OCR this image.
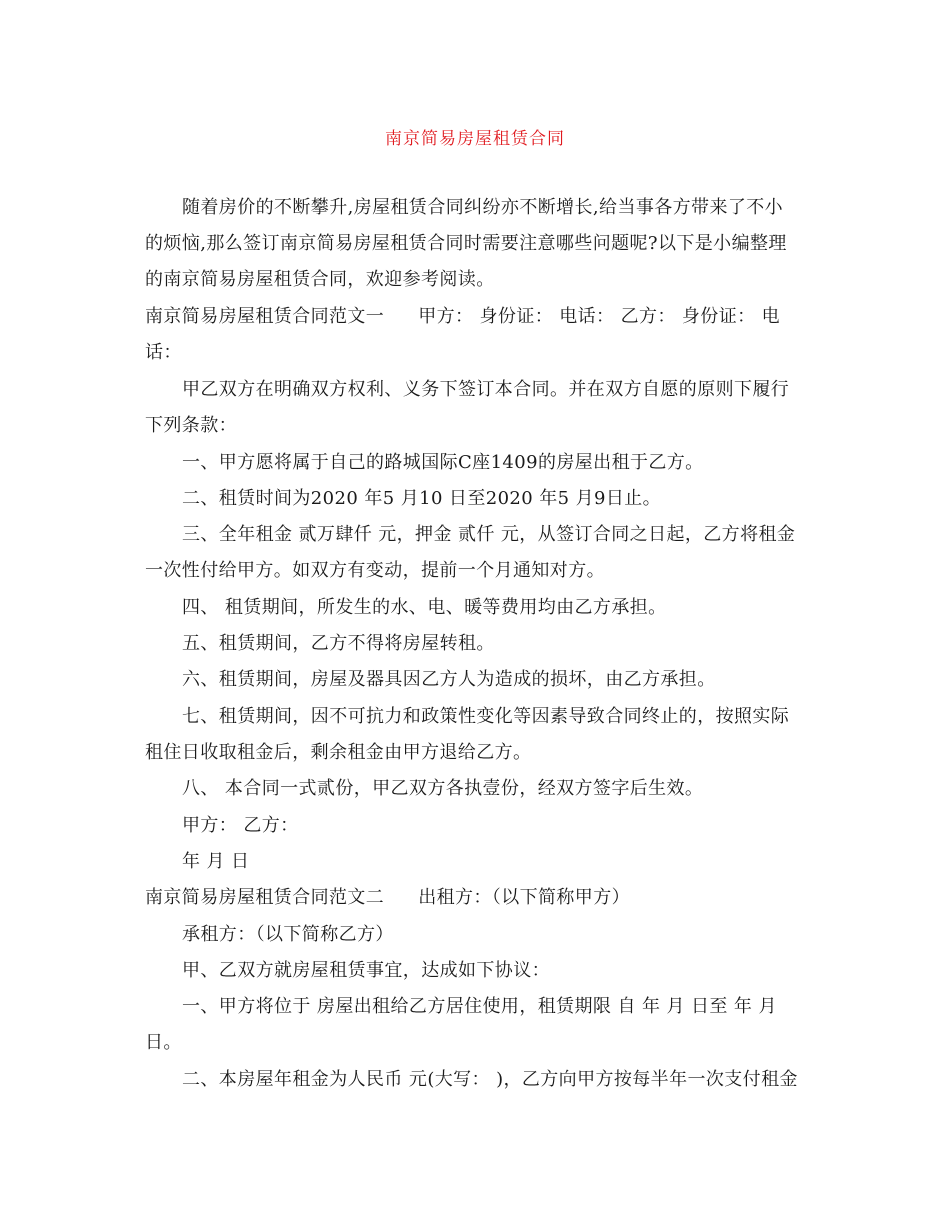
南京简易房屋租赁合同
随着房价的不断攀升,房屋租赁合同纠纷亦不断增长,给当事各方带来了不小
的烦恼,那么签订南京简易房屋租赁合同时需要注意哪些问题呢?以下是小编整理
的南京简易房屋租赁合同，欢迎参考阅读。
南京简易房屋租赁合同范文一 甲方： 身份证： 电话： 乙方： 身份证： 电
话：
甲乙双方在明确双方权利、义务下签订本合同。并在双方自愿的原则下履行
下列条款：
一、甲方愿将属于自己的路城国际C座1409的房屋出租于乙方。
二、租赁时间为2020 年5 月10 日至2020 年5 月9日止。
三、全年租金 贰万肆仟 元，押金 贰仟 元，从签订合同之日起，乙方将租金
一次性付给甲方。如双方有变动，提前一个月通知对方。
四、 租赁期间，所发生的水、电、暖等费用均由乙方承担。
五、租赁期间，乙方不得将房屋转租。
六、租赁期间，房屋及器具因乙方人为造成的损坏，由乙方承担。
七、租赁期间，因不可抗力和政策性变化等因素导致合同终止的，按照实际
租住日收取租金后，剩余租金由甲方退给乙方。
八、 本合同一式贰份，甲乙双方各执壹份，经双方签字后生效。
甲方： 乙方：
年 月 日
南京简易房屋租赁合同范文二 出租方：（以下简称甲方）
承租方：（以下简称乙方）
甲、乙双方就房屋租赁事宜，达成如下协议：
一、甲方将位于 房屋出租给乙方居住使用，租赁期限 自 年 月 日至 年 月
日。
二、本房屋年租金为人民币 元(大写： )，乙方向甲方按每半年一次支付租金
